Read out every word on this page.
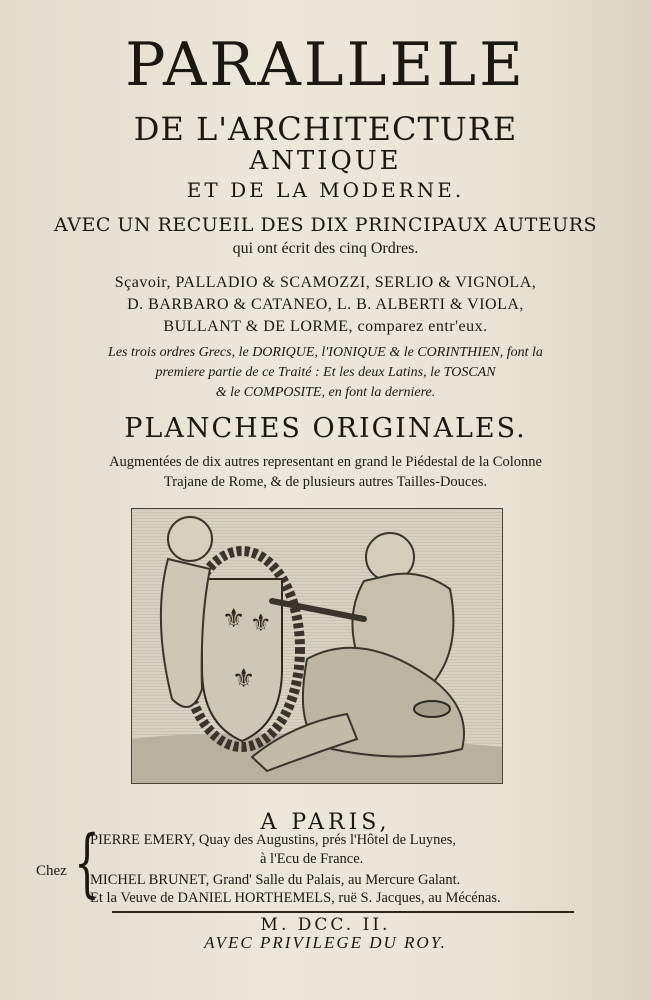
PARALLELE
DE L'ARCHITECTURE
ANTIQUE
ET DE LA MODERNE.
AVEC UN RECUEIL DES DIX PRINCIPAUX AUTEURS
qui ont écrit des cinq Ordres.
Sçavoir, PALLADIO & SCAMOZZI, SERLIO & VIGNOLA,
D. BARBARO & CATANEO, L. B. ALBERTI & VIOLA,
BULLANT & DE LORME, comparez entr'eux.
Les trois ordres Grecs, le DORIQUE, l'IONIQUE & le CORINTHIEN, font la
premiere partie de ce Traité : Et les deux Latins, le TOSCAN
& le COMPOSITE, en font la derniere.
PLANCHES ORIGINALES.
Augmentées de dix autres representant en grand le Piédestal de la Colonne
Trajane de Rome, & de plusieurs autres Tailles-Douces.
⚜ ⚜
⚜
A PARIS,
Chez {
PIERRE EMERY, Quay des Augustins, prés l'Hôtel de Luynes,
à l'Ecu de France.
MICHEL BRUNET, Grand' Salle du Palais, au Mercure Galant.
Et la Veuve de DANIEL HORTHEMELS, ruë S. Jacques, au Mécénas.
M. DCC. II.
AVEC PRIVILEGE DU ROY.
